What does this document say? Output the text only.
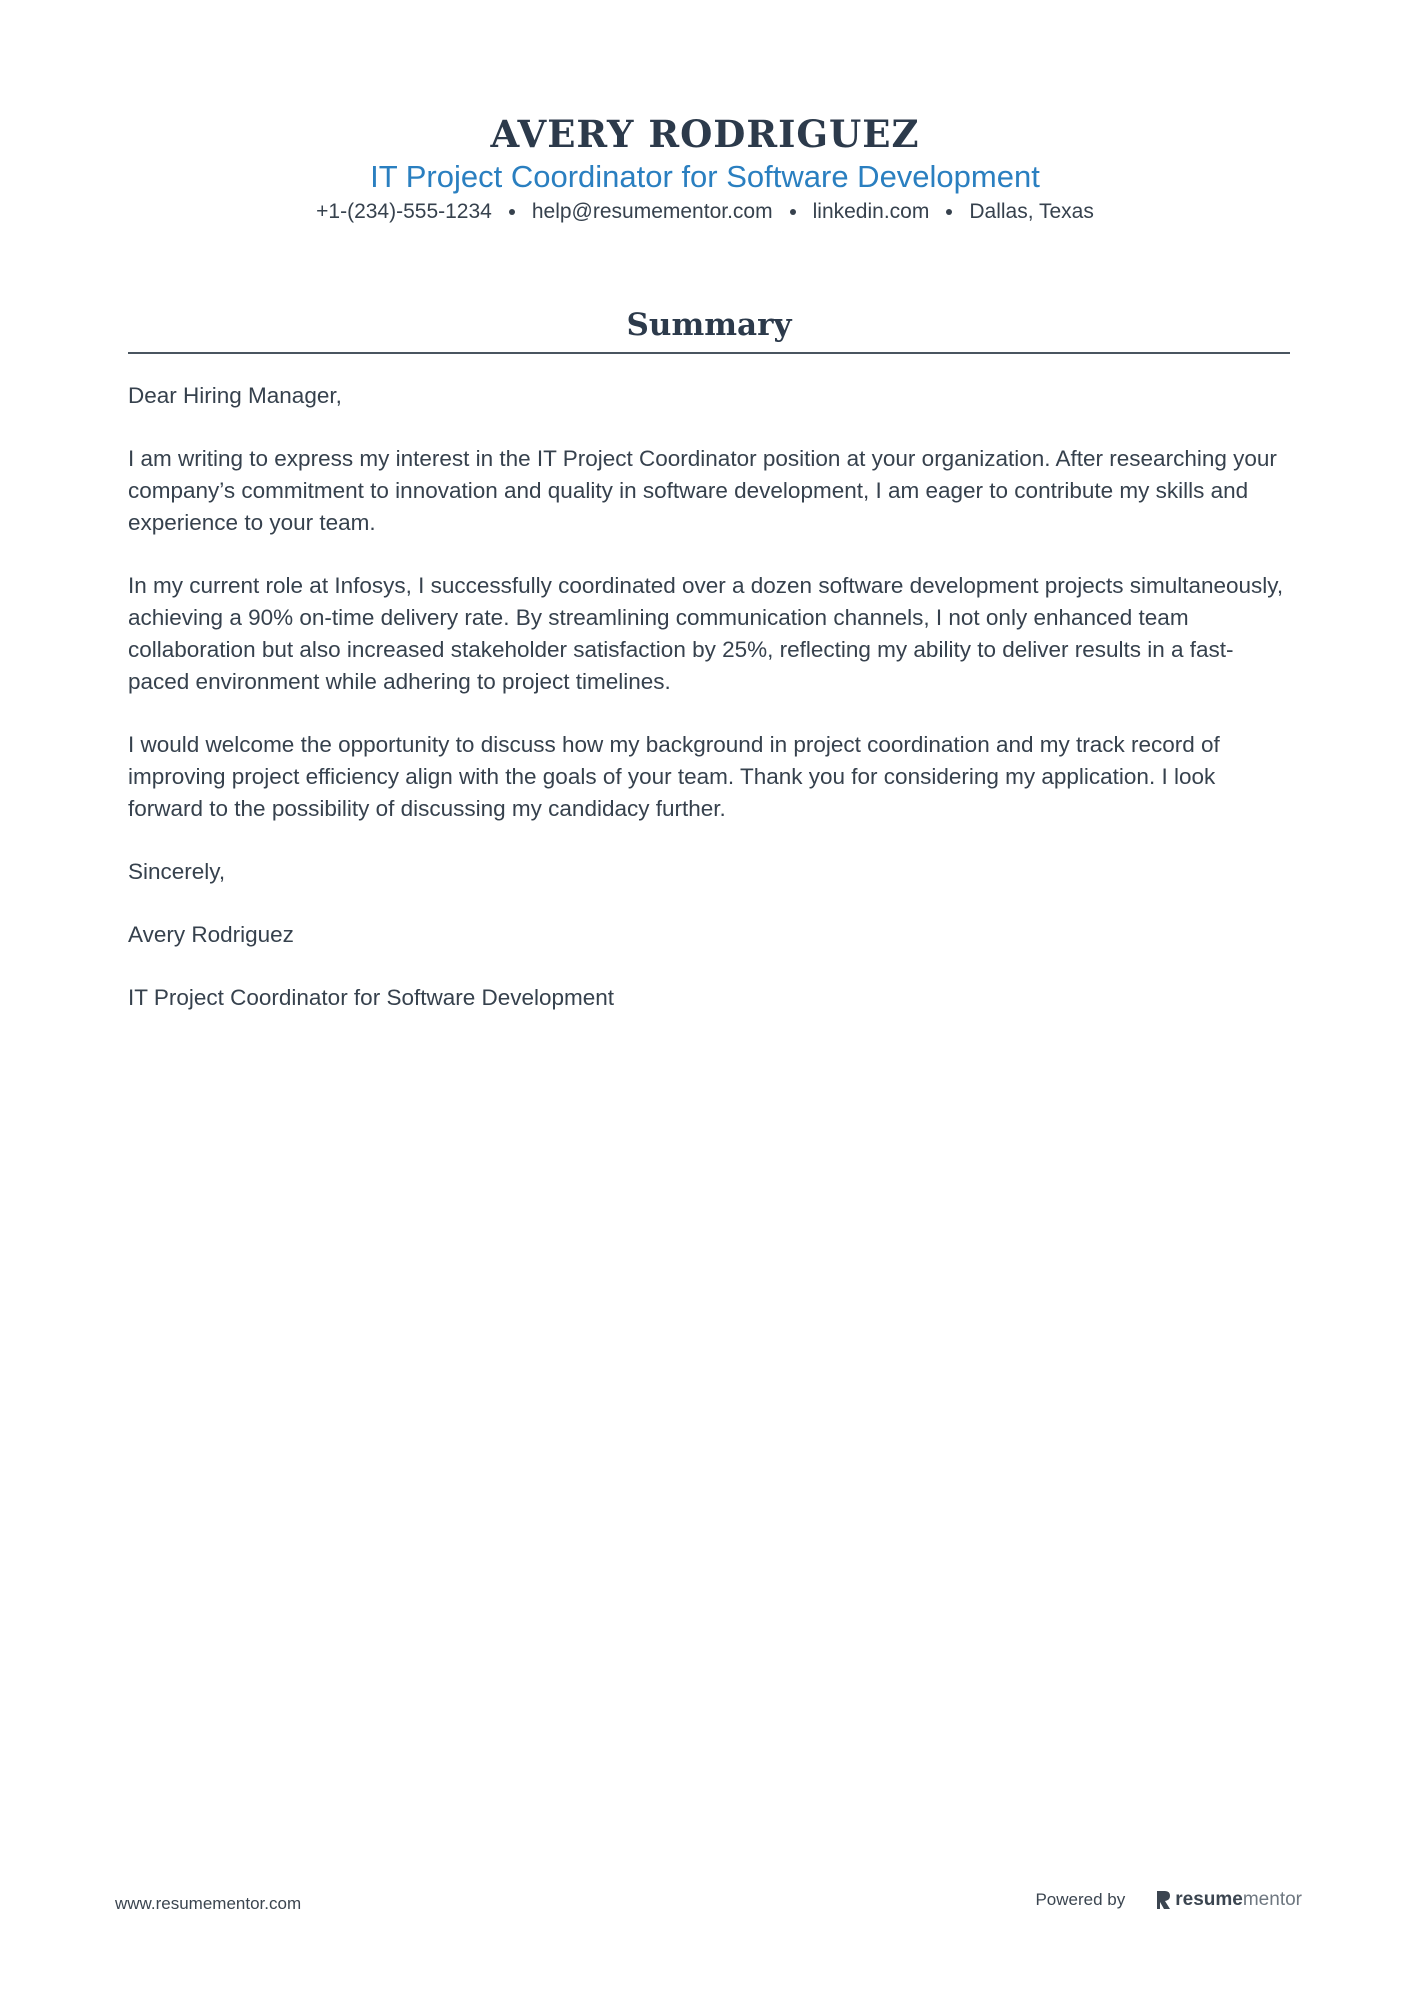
AVERY RODRIGUEZ
IT Project Coordinator for Software Development
+1-(234)-555-1234 help@resumementor.com linkedin.com Dallas, Texas
Summary

Dear Hiring Manager,

I am writing to express my interest in the IT Project Coordinator position at your organization. After researching your company’s commitment to innovation and quality in software development, I am eager to contribute my skills and experience to your team.

In my current role at Infosys, I successfully coordinated over a dozen software development projects simultaneously, achieving a 90% on-time delivery rate. By streamlining communication channels, I not only enhanced team collaboration but also increased stakeholder satisfaction by 25%, reflecting my ability to deliver results in a fast-paced environment while adhering to project timelines.

I would welcome the opportunity to discuss how my background in project coordination and my track record of improving project efficiency align with the goals of your team. Thank you for considering my application. I look forward to the possibility of discussing my candidacy further.

Sincerely,

Avery Rodriguez

IT Project Coordinator for Software Development

www.resumementor.com	Powered by	resume mentor
